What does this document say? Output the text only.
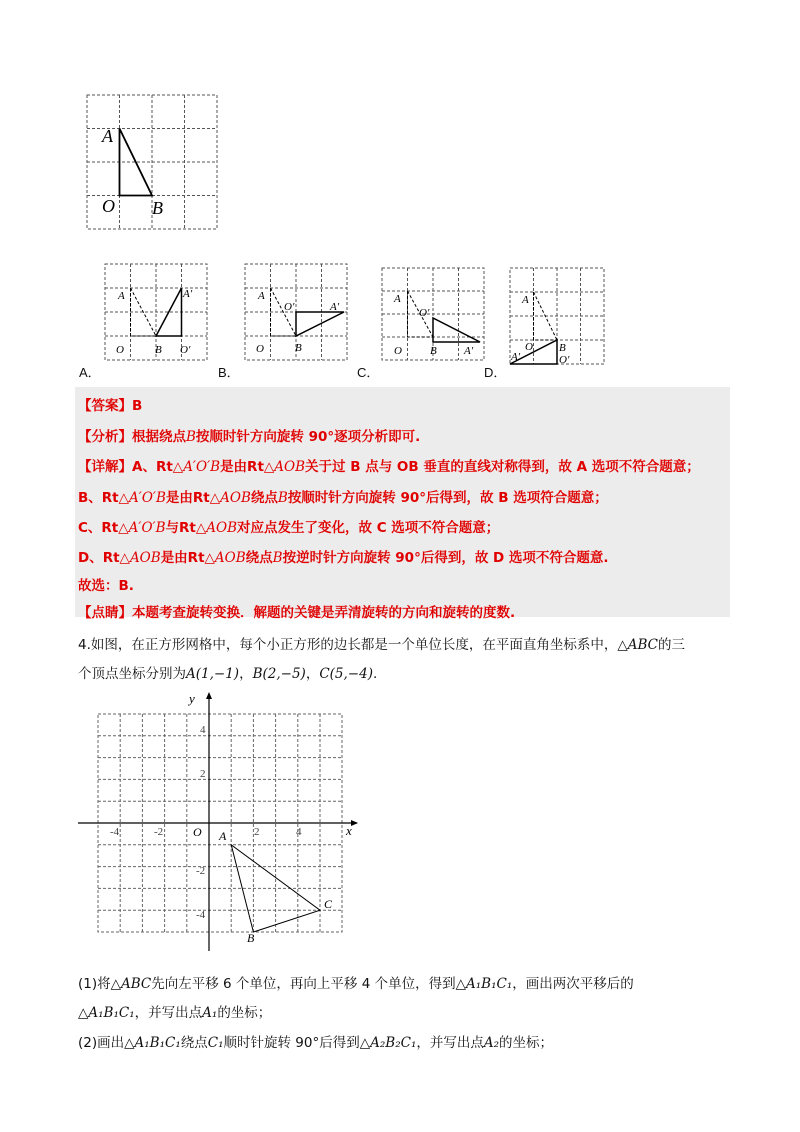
A
O B
A	A′
O	B O′
A．
A
O′	A′
O	B
B．
A
O′
O	B A′
C．
A
O
A′
B
O′
D．
【答案】B
【分析】根据绕点B按顺时针方向旋转 90°逐项分析即可.
【详解】A、Rt△A′O′B是由Rt△AOB关于过 B 点与 OB 垂直的直线对称得到，故 A 选项不符合题意；
B、Rt△A′O′B是由Rt△AOB绕点B按顺时针方向旋转 90°后得到，故 B 选项符合题意；
C、Rt△A′O′B与Rt△AOB对应点发生了变化，故 C 选项不符合题意；
D、Rt△AOB是由Rt△AOB绕点B按逆时针方向旋转 90°后得到，故 D 选项不符合题意.
故选：B.
【点睛】本题考查旋转变换．解题的关键是弄清旋转的方向和旋转的度数.
4.如图，在正方形网格中，每个小正方形的边长都是一个单位长度，在平面直角坐标系中，△ABC的三
个顶点坐标分别为A(1,−1)，B(2,−5)，C(5,−4).
y
x
O
4
2
-2
-4
-4	-2	2	4
A
B
C
(1)将△ABC先向左平移 6 个单位，再向上平移 4 个单位，得到△A₁B₁C₁，画出两次平移后的
△A₁B₁C₁，并写出点A₁的坐标；
(2)画出△A₁B₁C₁绕点C₁顺时针旋转 90°后得到△A₂B₂C₁，并写出点A₂的坐标；
